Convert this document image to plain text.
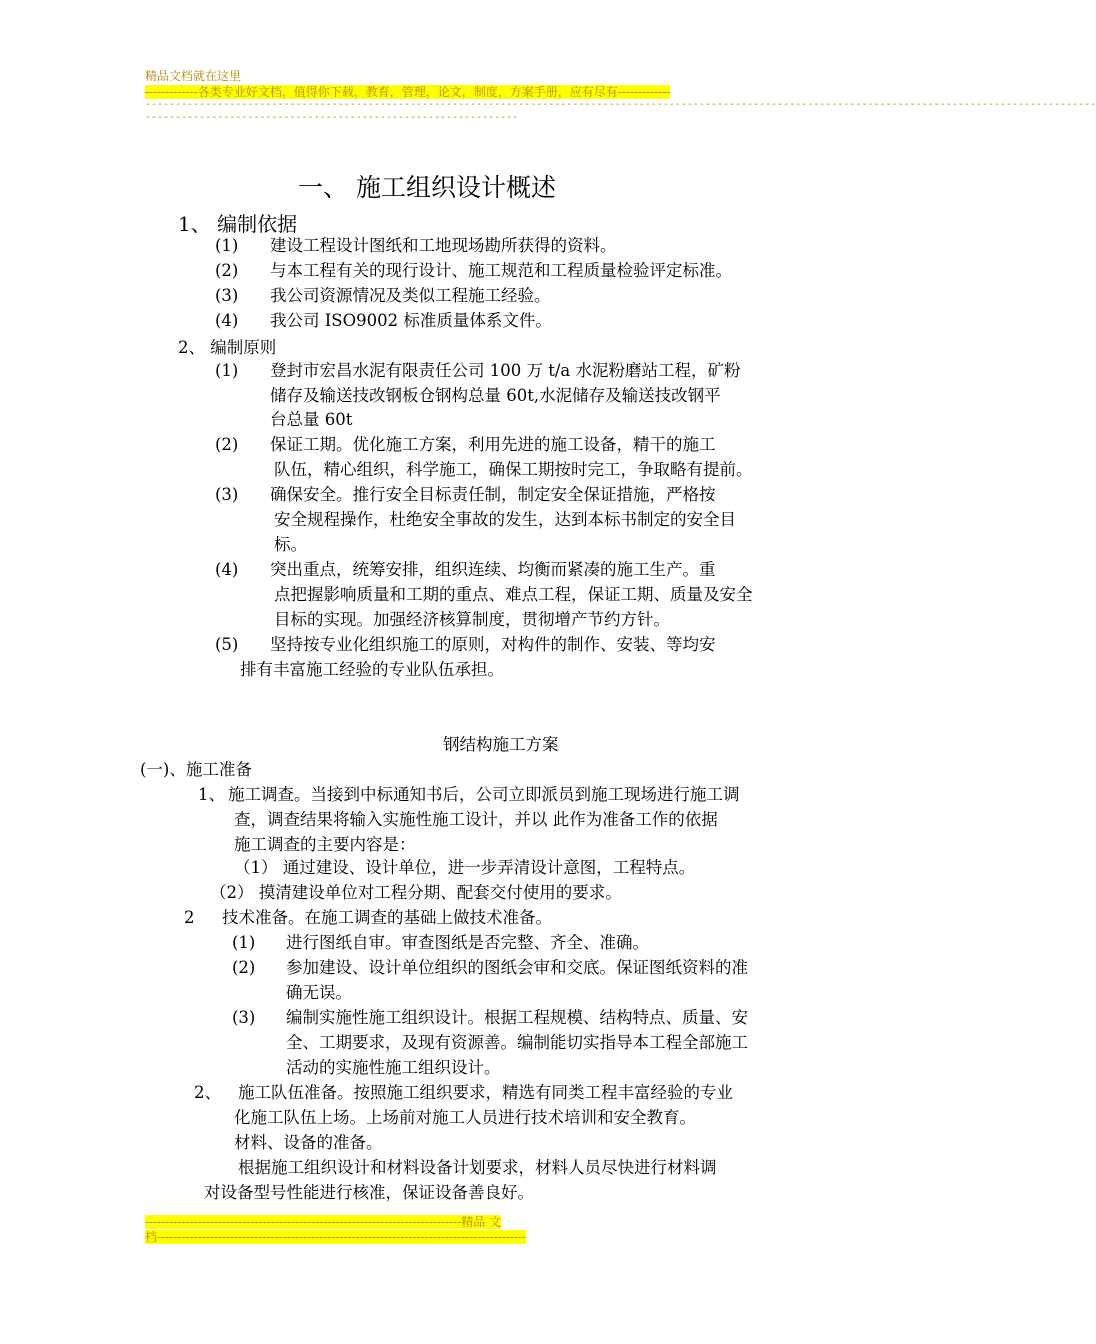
精品文档就在这里
-------------各类专业好文档，值得你下载，教育，管理，论文，制度，方案手册，应有尽有-------------
--------------------------------------------------------------------------------------------------------------------------------------------------------------
--------------------------------------------------------------
一、 施工组织设计概述
1、 编制依据
(1) 建设工程设计图纸和工地现场勘所获得的资料。
(2) 与本工程有关的现行设计、施工规范和工程质量检验评定标准。
(3) 我公司资源情况及类似工程施工经验。
(4) 我公司 ISO9002 标准质量体系文件。
2、 编制原则
(1) 登封市宏昌水泥有限责任公司 100 万 t/a 水泥粉磨站工程，矿粉
储存及输送技改钢板仓钢构总量 60t,水泥储存及输送技改钢平
台总量 60t
(2) 保证工期。优化施工方案，利用先进的施工设备，精干的施工
队伍，精心组织，科学施工，确保工期按时完工，争取略有提前。
(3) 确保安全。推行安全目标责任制，制定安全保证措施，严格按
安全规程操作，杜绝安全事故的发生，达到本标书制定的安全目
标。
(4) 突出重点，统筹安排，组织连续、均衡而紧凑的施工生产。重
点把握影响质量和工期的重点、难点工程，保证工期、质量及安全
目标的实现。加强经济核算制度，贯彻增产节约方针。
(5) 坚持按专业化组织施工的原则，对构件的制作、安装、等均安
排有丰富施工经验的专业队伍承担。
钢结构施工方案
(一)、施工准备
1、 施工调查。当接到中标通知书后，公司立即派员到施工现场进行施工调
查，调查结果将输入实施性施工设计，并以 此作为准备工作的依据
施工调查的主要内容是：
（1） 通过建设、设计单位，进一步弄清设计意图，工程特点。
（2） 摸清建设单位对工程分期、配套交付使用的要求。
2 技术准备。在施工调查的基础上做技术准备。
(1) 进行图纸自审。审查图纸是否完整、齐全、准确。
(2) 参加建设、设计单位组织的图纸会审和交底。保证图纸资料的准
确无误。
(3) 编制实施性施工组织设计。根据工程规模、结构特点、质量、安
全、工期要求，及现有资源善。编制能切实指导本工程全部施工
活动的实施性施工组织设计。
2、 施工队伍准备。按照施工组织要求，精选有同类工程丰富经验的专业
化施工队伍上场。上场前对施工人员进行技术培训和安全教育。
材料、设备的准备。
根据施工组织设计和材料设备计划要求，材料人员尽快进行材料调
对设备型号性能进行核准，保证设备善良好。
------------------------------------------------------------------------------精品 文
档-------------------------------------------------------------------------------------------
